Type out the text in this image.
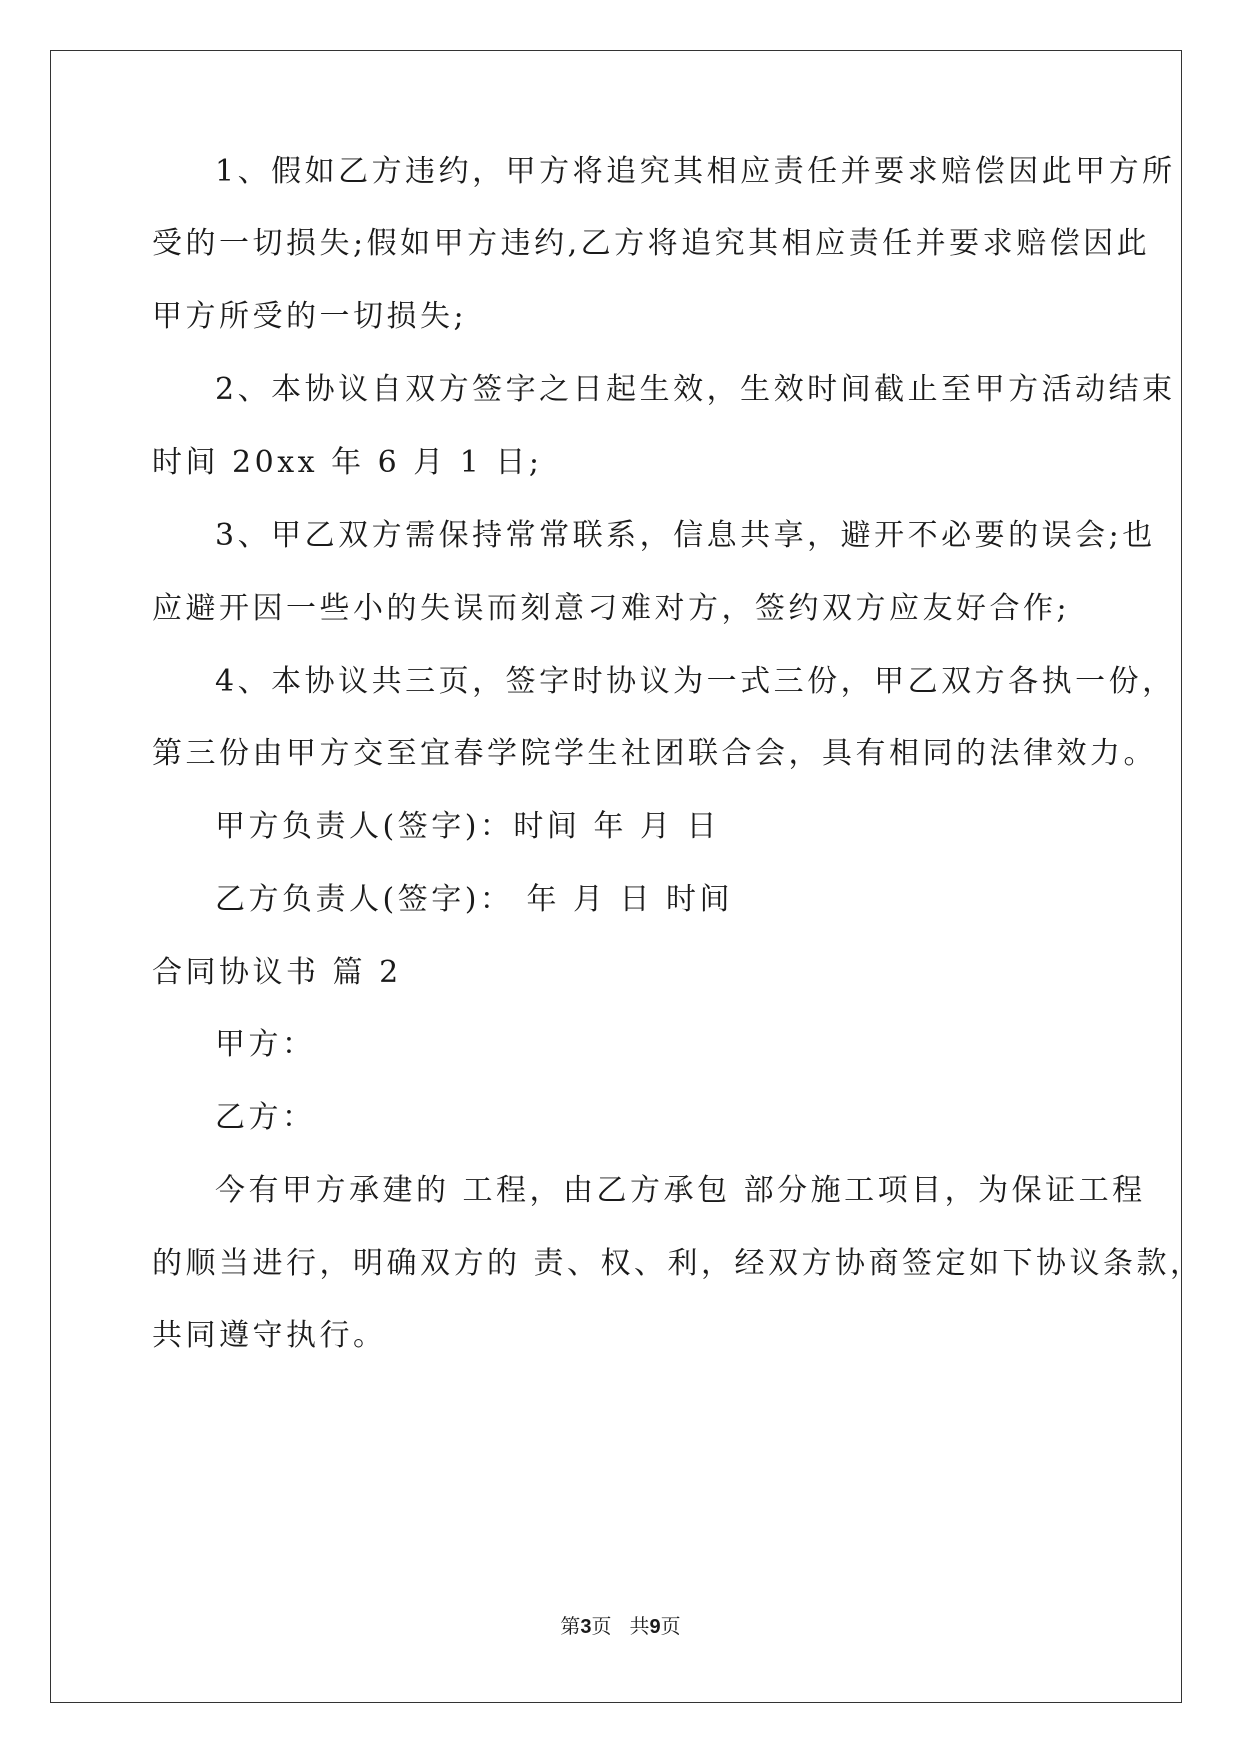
1、假如乙方违约，甲方将追究其相应责任并要求赔偿因此甲方所
受的一切损失;假如甲方违约,乙方将追究其相应责任并要求赔偿因此
甲方所受的一切损失;
2、本协议自双方签字之日起生效，生效时间截止至甲方活动结束
时间 20xx 年 6 月 1 日;
3、甲乙双方需保持常常联系，信息共享，避开不必要的误会;也
应避开因一些小的失误而刻意刁难对方，签约双方应友好合作;
4、本协议共三页，签字时协议为一式三份，甲乙双方各执一份，
第三份由甲方交至宜春学院学生社团联合会，具有相同的法律效力。
甲方负责人(签字)：时间 年 月 日
乙方负责人(签字)： 年 月 日 时间
合同协议书 篇 2
甲方：
乙方：
今有甲方承建的 工程，由乙方承包 部分施工项目，为保证工程
的顺当进行，明确双方的 责、权、利，经双方协商签定如下协议条款，
共同遵守执行。
第3页 共9页
